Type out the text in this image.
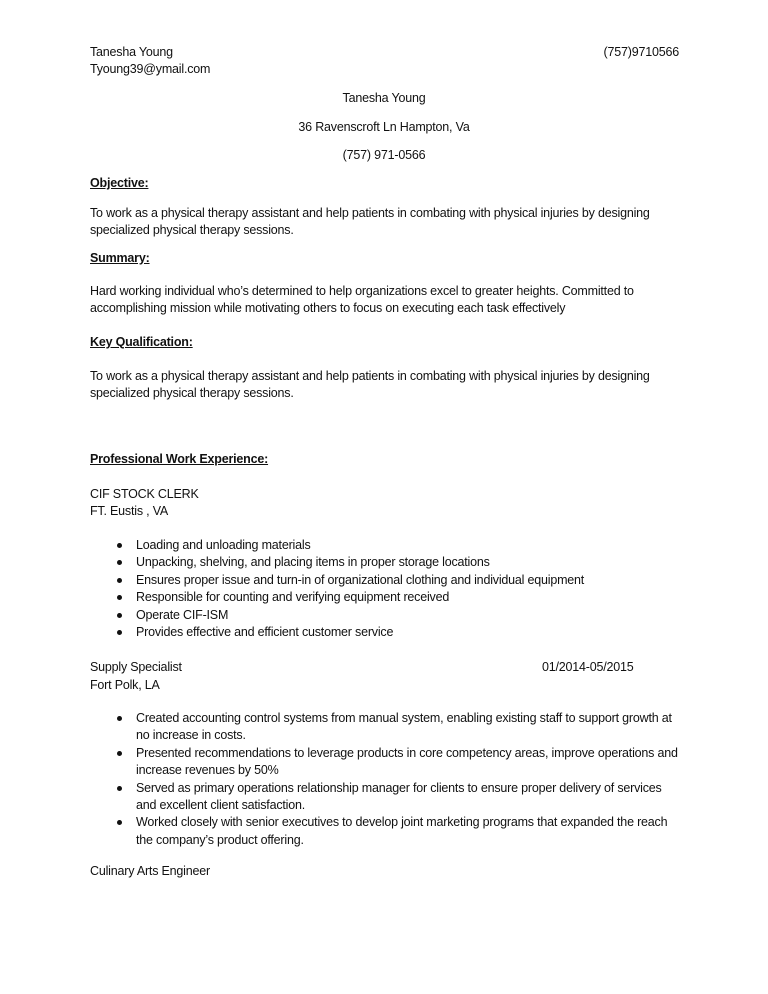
Tanesha Young
Tyoung39@ymail.com
(757)9710566
Tanesha Young
36 Ravenscroft Ln Hampton, Va
(757) 971-0566
Objective:
To work as a physical therapy assistant and help patients in combating with physical injuries by designing specialized physical therapy sessions.
Summary:
Hard working individual who’s determined to help organizations excel to greater heights. Committed to accomplishing mission while motivating others to focus on executing each task effectively
Key Qualification:
To work as a physical therapy assistant and help patients in combating with physical injuries by designing specialized physical therapy sessions.
Professional Work Experience:
CIF STOCK CLERK
FT. Eustis , VA
Loading and unloading materials
Unpacking, shelving, and placing items in proper storage locations
Ensures proper issue and turn-in of organizational clothing and individual equipment
Responsible for counting and verifying equipment received
Operate CIF-ISM
Provides effective and efficient customer service
Supply Specialist	01/2014-05/2015
Fort Polk, LA
Created accounting control systems from manual system, enabling existing staff to support growth at no increase in costs.
Presented recommendations to leverage products in core competency areas, improve operations and increase revenues by 50%
Served as primary operations relationship manager for clients to ensure proper delivery of services and excellent client satisfaction.
Worked closely with senior executives to develop joint marketing programs that expanded the reach the company’s product offering.
Culinary Arts Engineer
